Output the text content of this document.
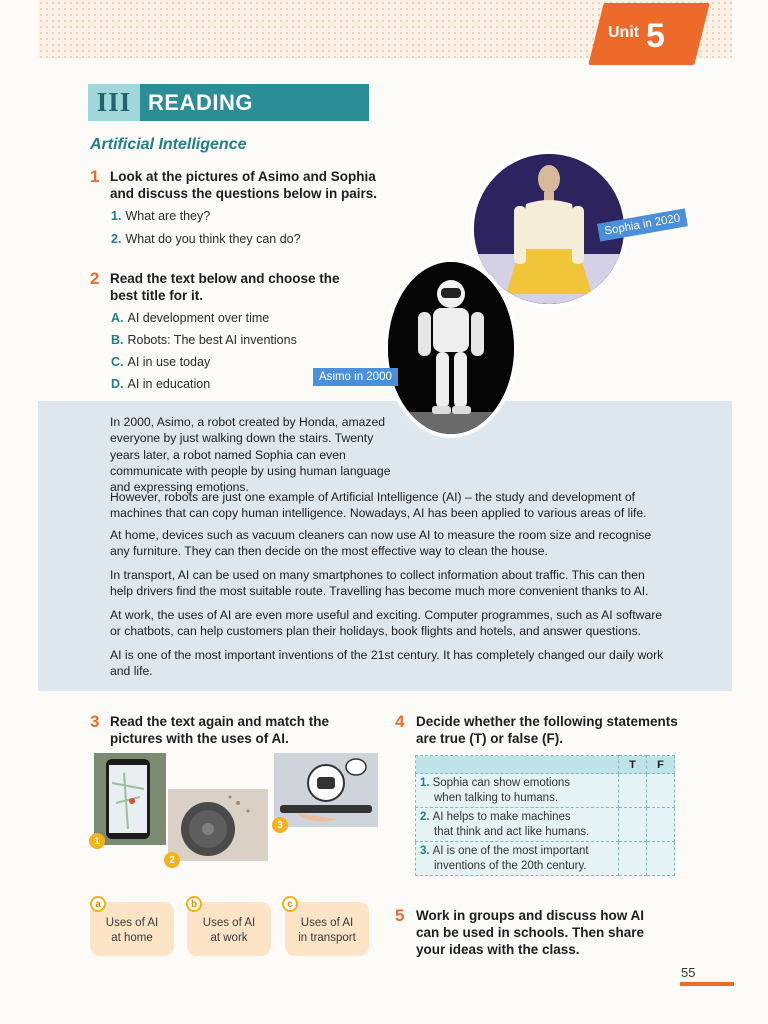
Unit 5
III READING
Artificial Intelligence
1 Look at the pictures of Asimo and Sophia
and discuss the questions below in pairs.
1. What are they?
2. What do you think they can do?
2 Read the text below and choose the
best title for it.
A. AI development over time
B. Robots: The best AI inventions
C. AI in use today
D. AI in education
Sophia in 2020
Asimo in 2000

In 2000, Asimo, a robot created by Honda, amazed everyone by just walking down the stairs. Twenty years later, a robot named Sophia can even communicate with people by using human language and expressing emotions.

However, robots are just one example of Artificial Intelligence (AI) – the study and development of machines that can copy human intelligence. Nowadays, AI has been applied to various areas of life.

At home, devices such as vacuum cleaners can now use AI to measure the room size and recognise any furniture. They can then decide on the most effective way to clean the house.

In transport, AI can be used on many smartphones to collect information about traffic. This can then help drivers find the most suitable route. Travelling has become much more convenient thanks to AI.

At work, the uses of AI are even more useful and exciting. Computer programmes, such as AI software or chatbots, can help customers plan their holidays, book flights and hotels, and answer questions.

AI is one of the most important inventions of the 21st century. It has completely changed our daily work and life.

3 Read the text again and match the
pictures with the uses of AI.
1
2
3
Uses of AI
at home
a
Uses of AI
at work
b
Uses of AI
in transport
c
4 Decide whether the following statements
are true (T) or false (F).
	T	F

1. Sophia can show emotions
when talking to humans.		

2. AI helps to make machines
that think and act like humans.		

3. AI is one of the most important
inventions of the 20th century.		

5 Work in groups and discuss how AI
can be used in schools. Then share
your ideas with the class.
55
